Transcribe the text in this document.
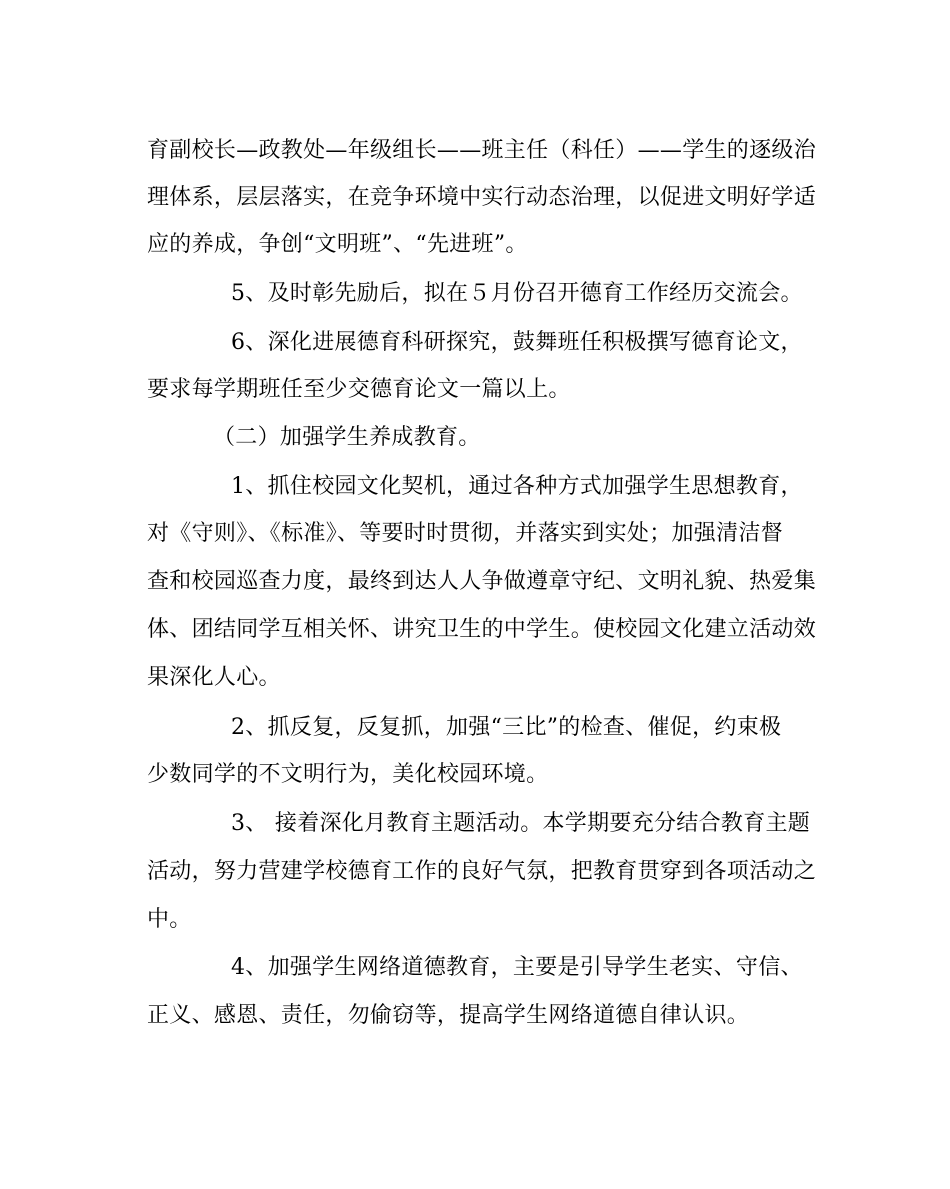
育副校长—政教处—年级组长——班主任（科任）——学生的逐级治
理体系，层层落实，在竞争环境中实行动态治理，以促进文明好学适
应的养成，争创“文明班”、“先进班”。
5、及时彰先励后，拟在５月份召开德育工作经历交流会。
6、深化进展德育科研探究，鼓舞班任积极撰写德育论文，
要求每学期班任至少交德育论文一篇以上。
（二）加强学生养成教育。
1、抓住校园文化契机，通过各种方式加强学生思想教育，
对《守则》、《标准》、等要时时贯彻，并落实到实处；加强清洁督
查和校园巡查力度，最终到达人人争做遵章守纪、文明礼貌、热爱集
体、团结同学互相关怀、讲究卫生的中学生。使校园文化建立活动效
果深化人心。
2、抓反复，反复抓，加强“三比”的检查、催促，约束极
少数同学的不文明行为，美化校园环境。
3、 接着深化月教育主题活动。本学期要充分结合教育主题
活动，努力营建学校德育工作的良好气氛，把教育贯穿到各项活动之
中。
4、加强学生网络道德教育，主要是引导学生老实、守信、
正义、感恩、责任，勿偷窃等，提高学生网络道德自律认识。
